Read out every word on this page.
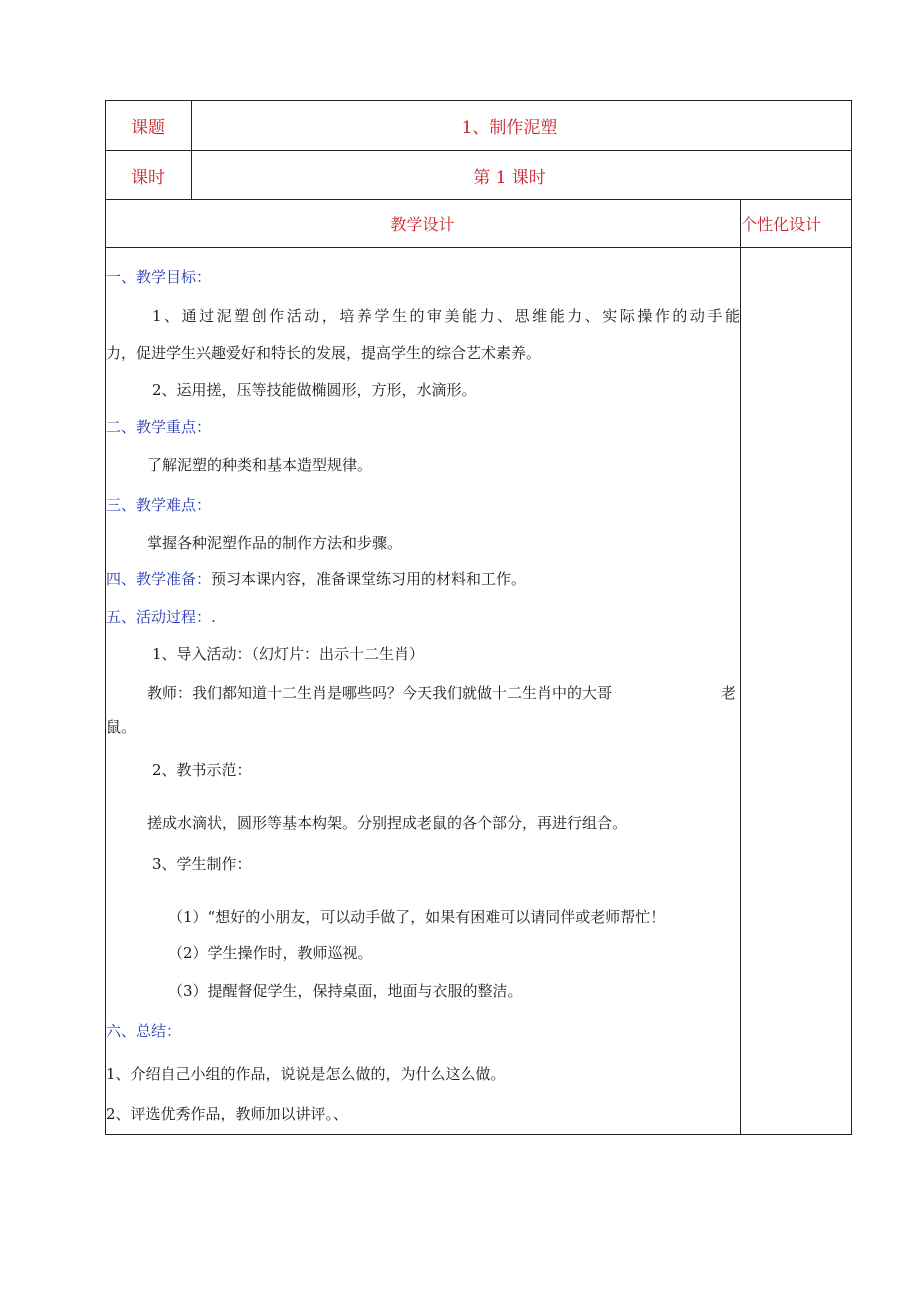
课题	1、制作泥塑
课时	第 1 课时
教学设计	个性化设计
一、教学目标：
1、通过泥塑创作活动，培养学生的审美能力、思维能力、实际操作的动手能
力，促进学生兴趣爱好和特长的发展，提高学生的综合艺术素养。
2、运用搓，压等技能做椭圆形，方形，水滴形。
二、教学重点：
了解泥塑的种类和基本造型规律。
三、教学难点：
掌握各种泥塑作品的制作方法和步骤。
四、教学准备：预习本课内容，准备课堂练习用的材料和工作。
五、活动过程：.
1、导入活动：（幻灯片：出示十二生肖）
教师：我们都知道十二生肖是哪些吗？今天我们就做十二生肖中的大哥	老
鼠。
2、教书示范：
搓成水滴状，圆形等基本构架。分别捏成老鼠的各个部分，再进行组合。
3、学生制作：
（1）“想好的小朋友，可以动手做了，如果有困难可以请同伴或老师帮忙！
（2）学生操作时，教师巡视。
（3）提醒督促学生，保持桌面，地面与衣服的整洁。
六、总结：
1、介绍自己小组的作品，说说是怎么做的，为什么这么做。
2、评选优秀作品，教师加以讲评。、
